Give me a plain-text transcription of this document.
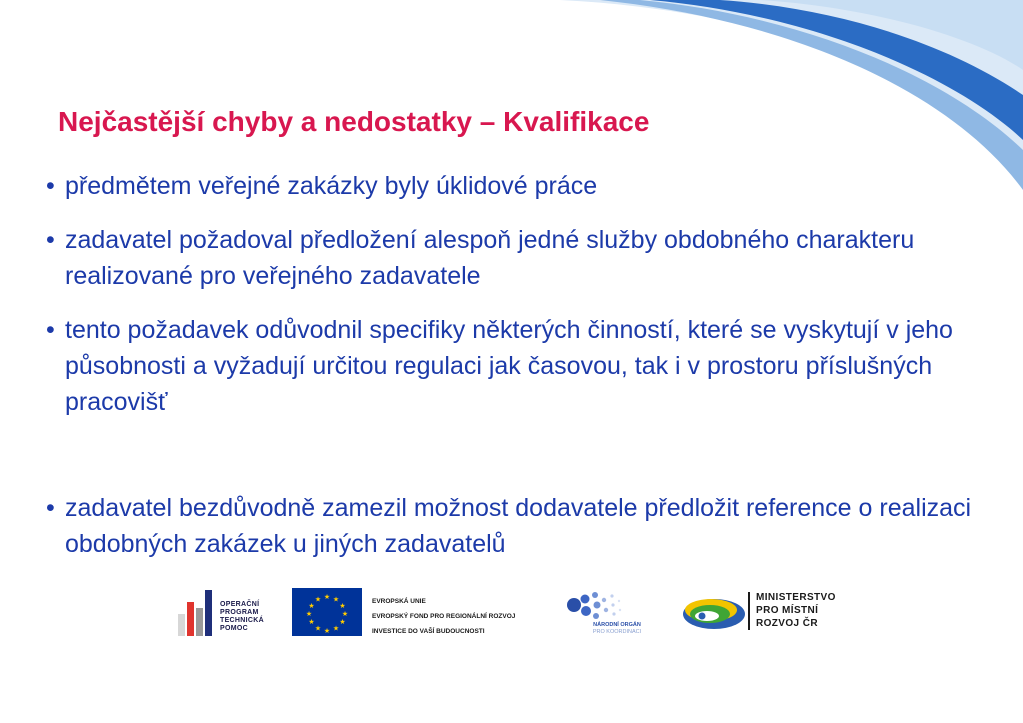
Nejčastější chyby a nedostatky – Kvalifikace
• předmětem veřejné zakázky byly úklidové práce
• zadavatel požadoval předložení alespoň jedné služby obdobného charakteru realizované pro veřejného zadavatele
• tento požadavek odůvodnil specifiky některých činností, které se vyskytují v jeho působnosti a vyžadují určitou regulaci jak časovou, tak i v prostoru příslušných pracovišť
• zadavatel bezdůvodně zamezil možnost dodavatele předložit reference o realizaci obdobných zakázek u jiných zadavatelů
OPERAČNÍ
PROGRAM
TECHNICKÁ
POMOC
★ ★
★
★
★
★
★
★
★
★
★
★	EVROPSKÁ UNIE
EVROPSKÝ FOND PRO REGIONÁLNÍ ROZVOJ
INVESTICE DO VAŠÍ BUDOUCNOSTI
NÁRODNÍ ORGÁN
PRO KOORDINACI
MINISTERSTVO
PRO MÍSTNÍ
ROZVOJ ČR
